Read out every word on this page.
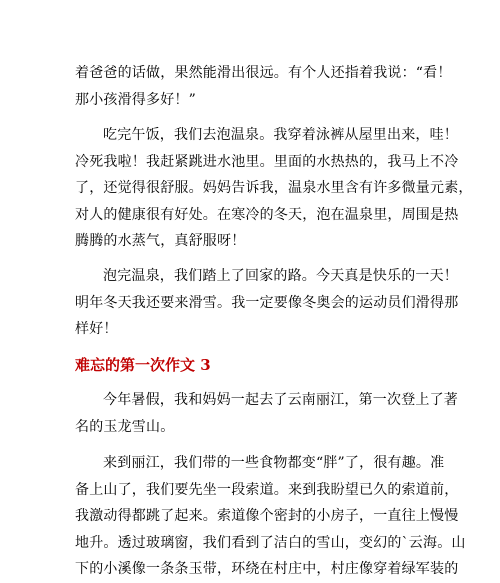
着爸爸的话做，果然能滑出很远。有个人还指着我说：“看！
那小孩滑得多好！”
吃完午饭，我们去泡温泉。我穿着泳裤从屋里出来，哇！
冷死我啦！我赶紧跳进水池里。里面的水热热的，我马上不冷
了，还觉得很舒服。妈妈告诉我，温泉水里含有许多微量元素，
对人的健康很有好处。在寒冷的冬天，泡在温泉里，周围是热
腾腾的水蒸气，真舒服呀！
泡完温泉，我们踏上了回家的路。今天真是快乐的一天！
明年冬天我还要来滑雪。我一定要像冬奥会的运动员们滑得那
样好！
难忘的第一次作文 3
今年暑假，我和妈妈一起去了云南丽江，第一次登上了著
名的玉龙雪山。
来到丽江，我们带的一些食物都变“胖”了，很有趣。准
备上山了，我们要先坐一段索道。来到我盼望已久的索道前，
我激动得都跳了起来。索道像个密封的小房子，一直往上慢慢
地升。透过玻璃窗，我们看到了洁白的雪山，变幻的`云海。山
下的小溪像一条条玉带，环绕在村庄中，村庄像穿着绿军装的
